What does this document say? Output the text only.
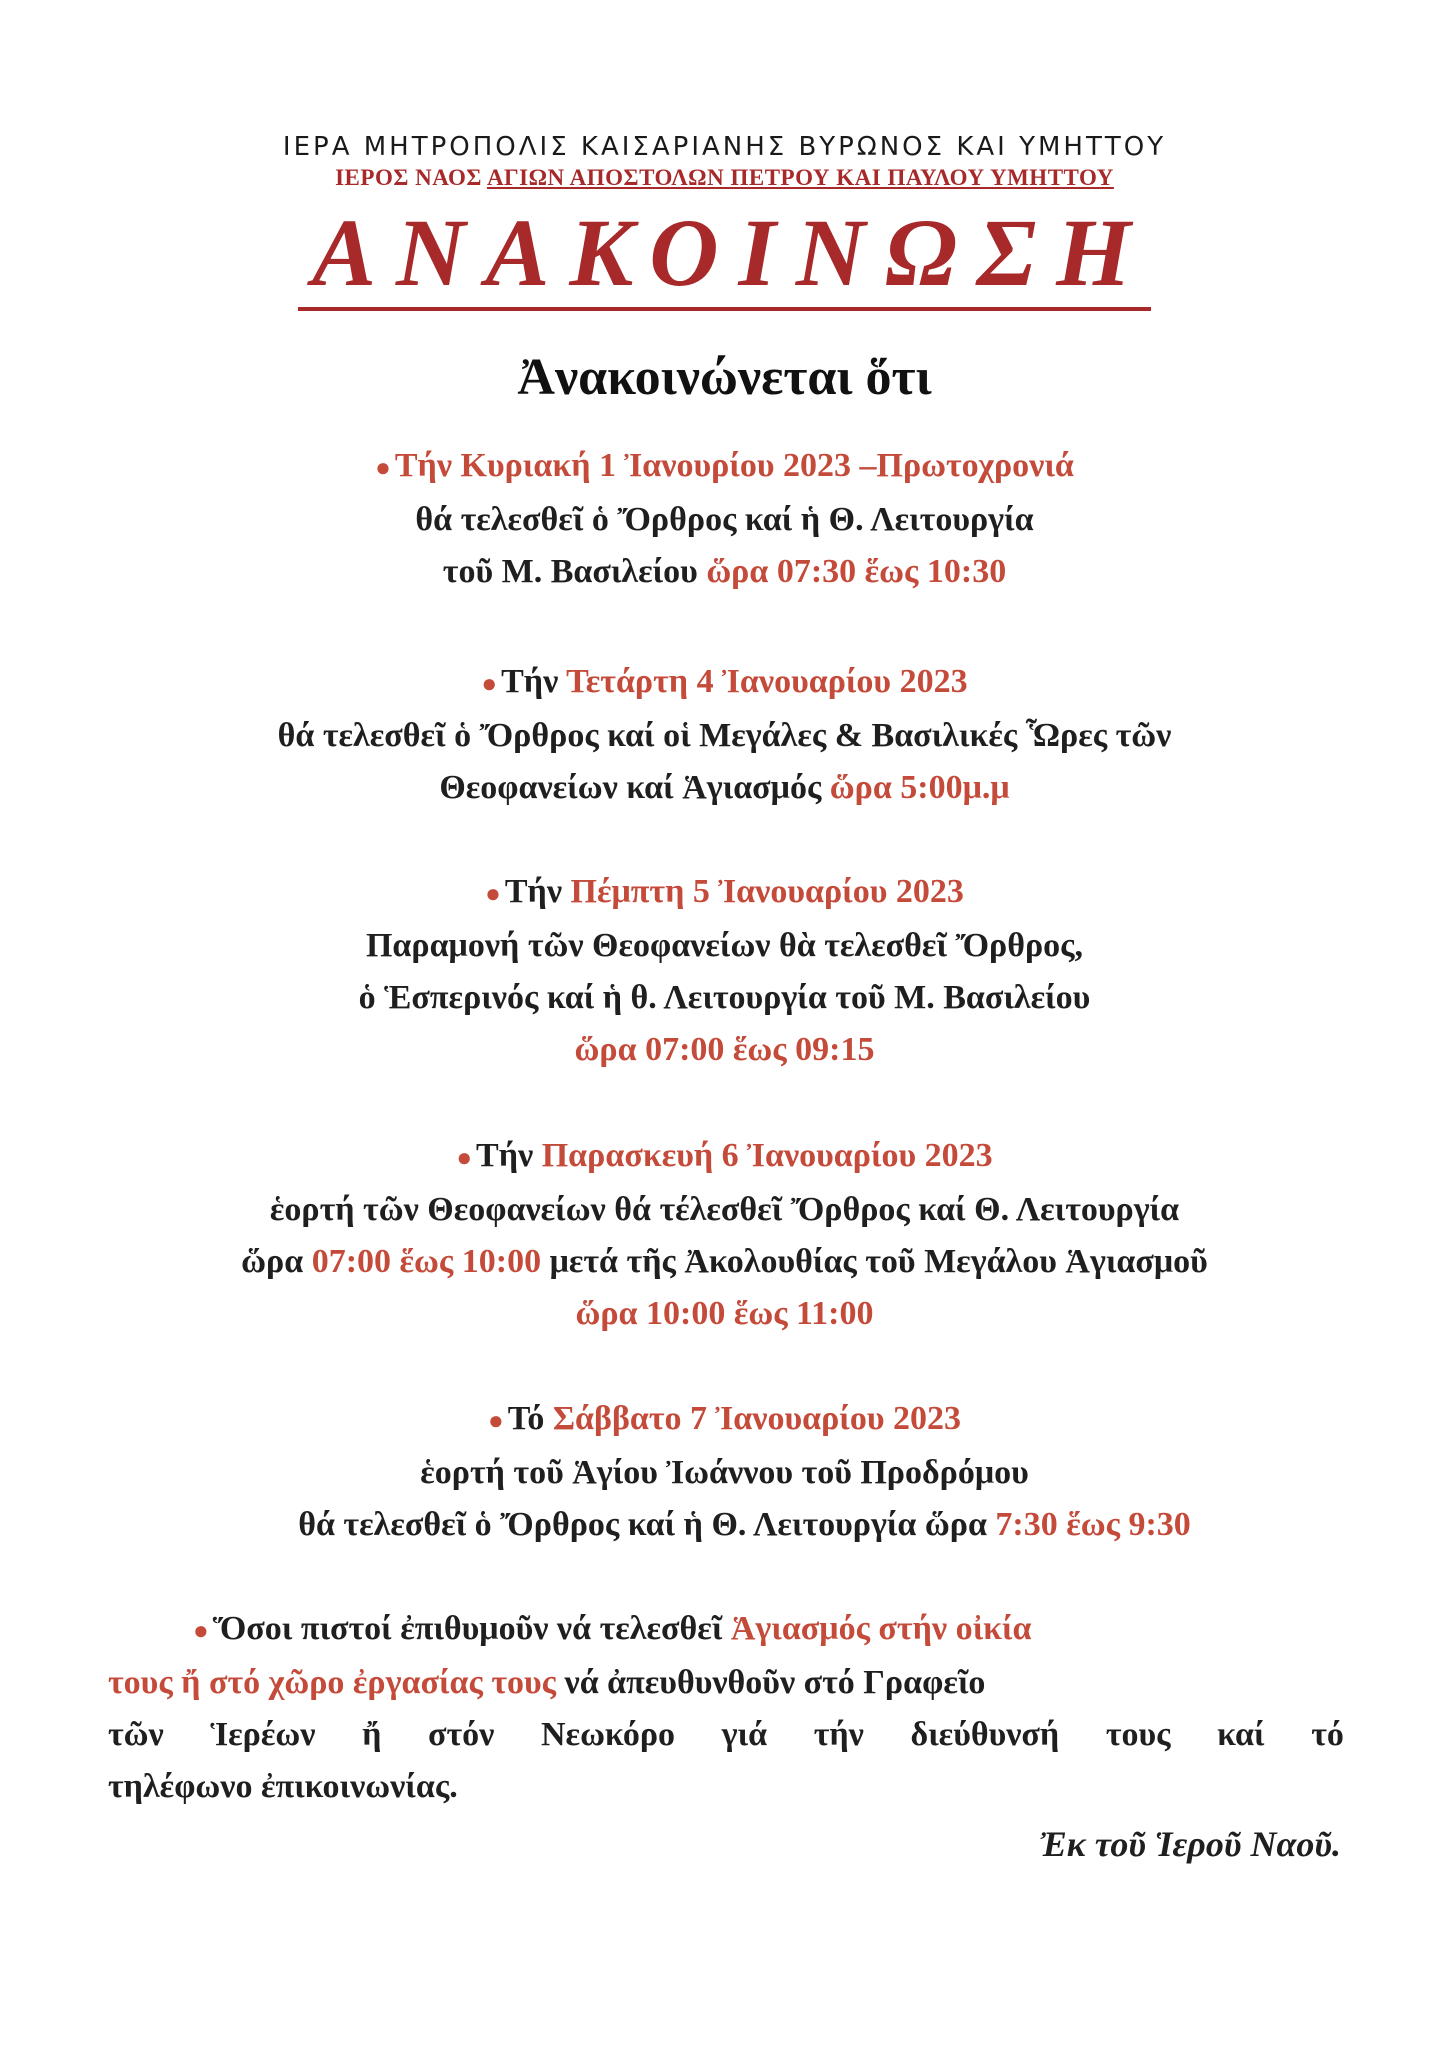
ΙΕΡΑ ΜΗΤΡΟΠΟΛΙΣ ΚΑΙΣΑΡΙΑΝΗΣ ΒΥΡΩΝΟΣ ΚΑΙ ΥΜΗΤΤΟΥ
ΙΕΡΟΣ ΝΑΟΣ ΑΓΙΩΝ ΑΠΟΣΤΟΛΩΝ ΠΕΤΡΟΥ ΚΑΙ ΠΑΥΛΟΥ ΥΜΗΤΤΟΥ
ΑΝΑΚΟΙΝΩΣΗ
Ἀνακοινώνεται ὅτι
● Τήν Κυριακή 1 Ἰανουρίου 2023 –Πρωτοχρονιά
θά τελεσθεῖ ὁ Ὄρθρος καί ἡ Θ. Λειτουργία
τοῦ Μ. Βασιλείου ὥρα 07:30 ἕως 10:30
● Τήν Τετάρτη 4 Ἰανουαρίου 2023
θά τελεσθεῖ ὁ Ὄρθρος καί οἱ Μεγάλες & Βασιλικές Ὧρες τῶν
Θεοφανείων καί Ἁγιασμός ὥρα 5:00μ.μ
● Τήν Πέμπτη 5 Ἰανουαρίου 2023
Παραμονή τῶν Θεοφανείων θὰ τελεσθεῖ Ὄρθρος,
ὁ Ἑσπερινός καί ἡ θ. Λειτουργία τοῦ Μ. Βασιλείου
ὥρα 07:00 ἕως 09:15
● Τήν Παρασκευή 6 Ἰανουαρίου 2023
ἑορτή τῶν Θεοφανείων θά τέλεσθεῖ Ὄρθρος καί Θ. Λειτουργία
ὥρα 07:00 ἕως 10:00 μετά τῆς Ἀκολουθίας τοῦ Μεγάλου Ἁγιασμοῦ
ὥρα 10:00 ἕως 11:00
● Τό Σάββατο 7 Ἰανουαρίου 2023
ἑορτή τοῦ Ἁγίου Ἰωάννου τοῦ Προδρόμου
θά τελεσθεῖ ὁ Ὄρθρος καί ἡ Θ. Λειτουργία ὥρα 7:30 ἕως 9:30
● Ὅσοι πιστοί ἐπιθυμοῦν νά τελεσθεῖ Ἁγιασμός στήν οἰκία
τους ἤ στό χῶρο ἐργασίας τους νά ἀπευθυνθοῦν στό Γραφεῖο
τῶν Ἱερέων ἤ στόν Νεωκόρο γιά τήν διεύθυνσή τους καί τό
τηλέφωνο ἐπικοινωνίας.
Ἐκ τοῦ Ἱεροῦ Ναοῦ.
